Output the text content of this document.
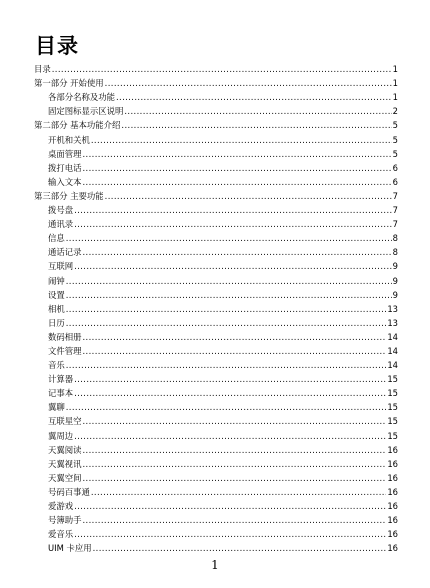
目录
目录 .....	1
第一部分 开始使用 .....	1
各部分名称及功能 .....	1
固定图标显示区说明 .....	2
第二部分 基本功能介绍 .....	5
开机和关机 .....	5
桌面管理 .....	5
拨打电话 .....	6
输入文本 .....	6
第三部分 主要功能 .....	7
拨号盘 .....	7
通讯录 .....	7
信息 .....	8
通话记录 .....	8
互联网 .....	9
闹钟 .....	9
设置 .....	9
相机 .....	13
日历 .....	13
数码相册 .....	14
文件管理 .....	14
音乐 .....	14
计算器 .....	15
记事本 .....	15
翼聊 .....	15
互联星空 .....	15
翼周边 .....	15
天翼阅读 .....	16
天翼视讯 .....	16
天翼空间 .....	16
号码百事通 .....	16
爱游戏 .....	16
号簿助手 .....	16
爱音乐 .....	16
UIM 卡应用 .....	16
1
